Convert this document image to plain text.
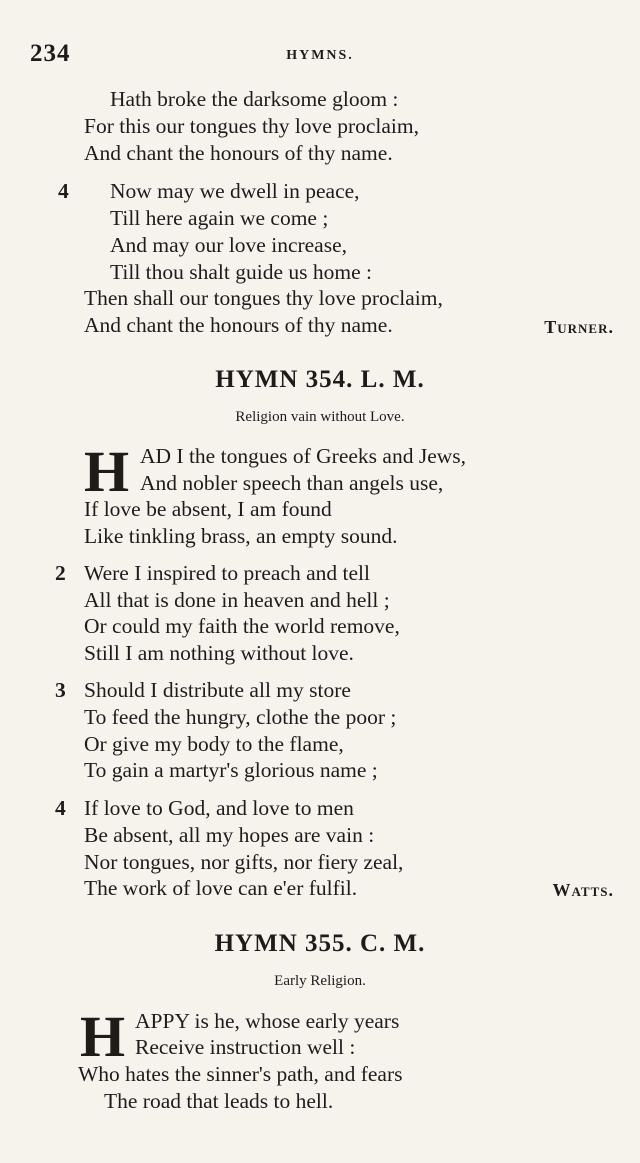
234	HYMNS.
Hath broke the darksome gloom :
For this our tongues thy love proclaim,
And chant the honours of thy name.
4 Now may we dwell in peace,
Till here again we come ;
And may our love increase,
Till thou shalt guide us home :
Then shall our tongues thy love proclaim,
And chant the honours of thy name.	Turner.
HYMN 354. L. M.
Religion vain without Love.
H AD I the tongues of Greeks and Jews,
And nobler speech than angels use,
If love be absent, I am found
Like tinkling brass, an empty sound.
2 Were I inspired to preach and tell
All that is done in heaven and hell ;
Or could my faith the world remove,
Still I am nothing without love.
3 Should I distribute all my store
To feed the hungry, clothe the poor ;
Or give my body to the flame,
To gain a martyr's glorious name ;
4 If love to God, and love to men
Be absent, all my hopes are vain :
Nor tongues, nor gifts, nor fiery zeal,
The work of love can e'er fulfil.	Watts.
HYMN 355. C. M.
Early Religion.
H APPY is he, whose early years
Receive instruction well :
Who hates the sinner's path, and fears
The road that leads to hell.
